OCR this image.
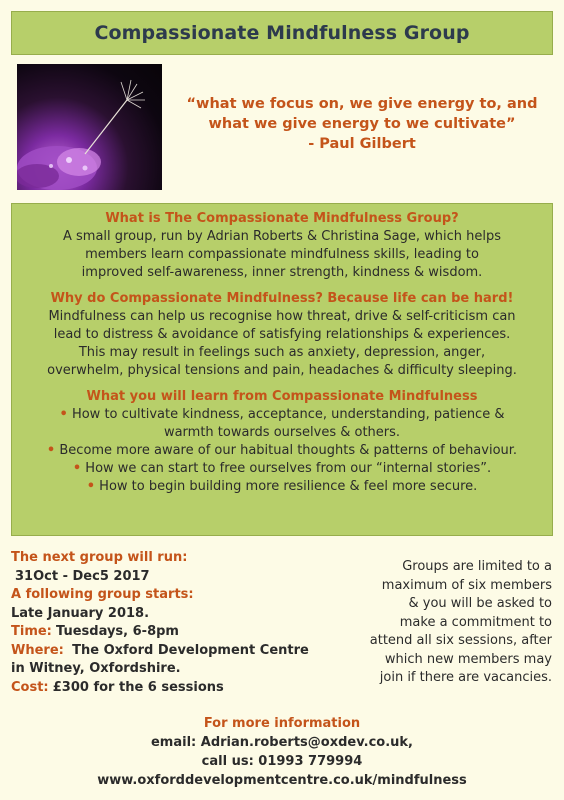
Compassionate Mindfulness Group
“what we focus on, we give energy to, and
what we give energy to we cultivate”
- Paul Gilbert
What is The Compassionate Mindfulness Group?
A small group, run by Adrian Roberts & Christina Sage, which helps
members learn compassionate mindfulness skills, leading to
improved self-awareness, inner strength, kindness & wisdom.
Why do Compassionate Mindfulness? Because life can be hard!
Mindfulness can help us recognise how threat, drive & self-criticism can
lead to distress & avoidance of satisfying relationships & experiences.
This may result in feelings such as anxiety, depression, anger,
overwhelm, physical tensions and pain, headaches & difficulty sleeping.
What you will learn from Compassionate Mindfulness
• How to cultivate kindness, acceptance, understanding, patience &
warmth towards ourselves & others.
• Become more aware of our habitual thoughts & patterns of behaviour.
• How we can start to free ourselves from our “internal stories”.
• How to begin building more resilience & feel more secure.
The next group will run:
31Oct - Dec5 2017
A following group starts:
Late January 2018.
Time: Tuesdays, 6-8pm
Where: The Oxford Development Centre
in Witney, Oxfordshire.
Cost: £300 for the 6 sessions
Groups are limited to a
maximum of six members
& you will be asked to
make a commitment to
attend all six sessions, after
which new members may
join if there are vacancies.
For more information
email: Adrian.roberts@oxdev.co.uk,
call us: 01993 779994
www.oxforddevelopmentcentre.co.uk/mindfulness
